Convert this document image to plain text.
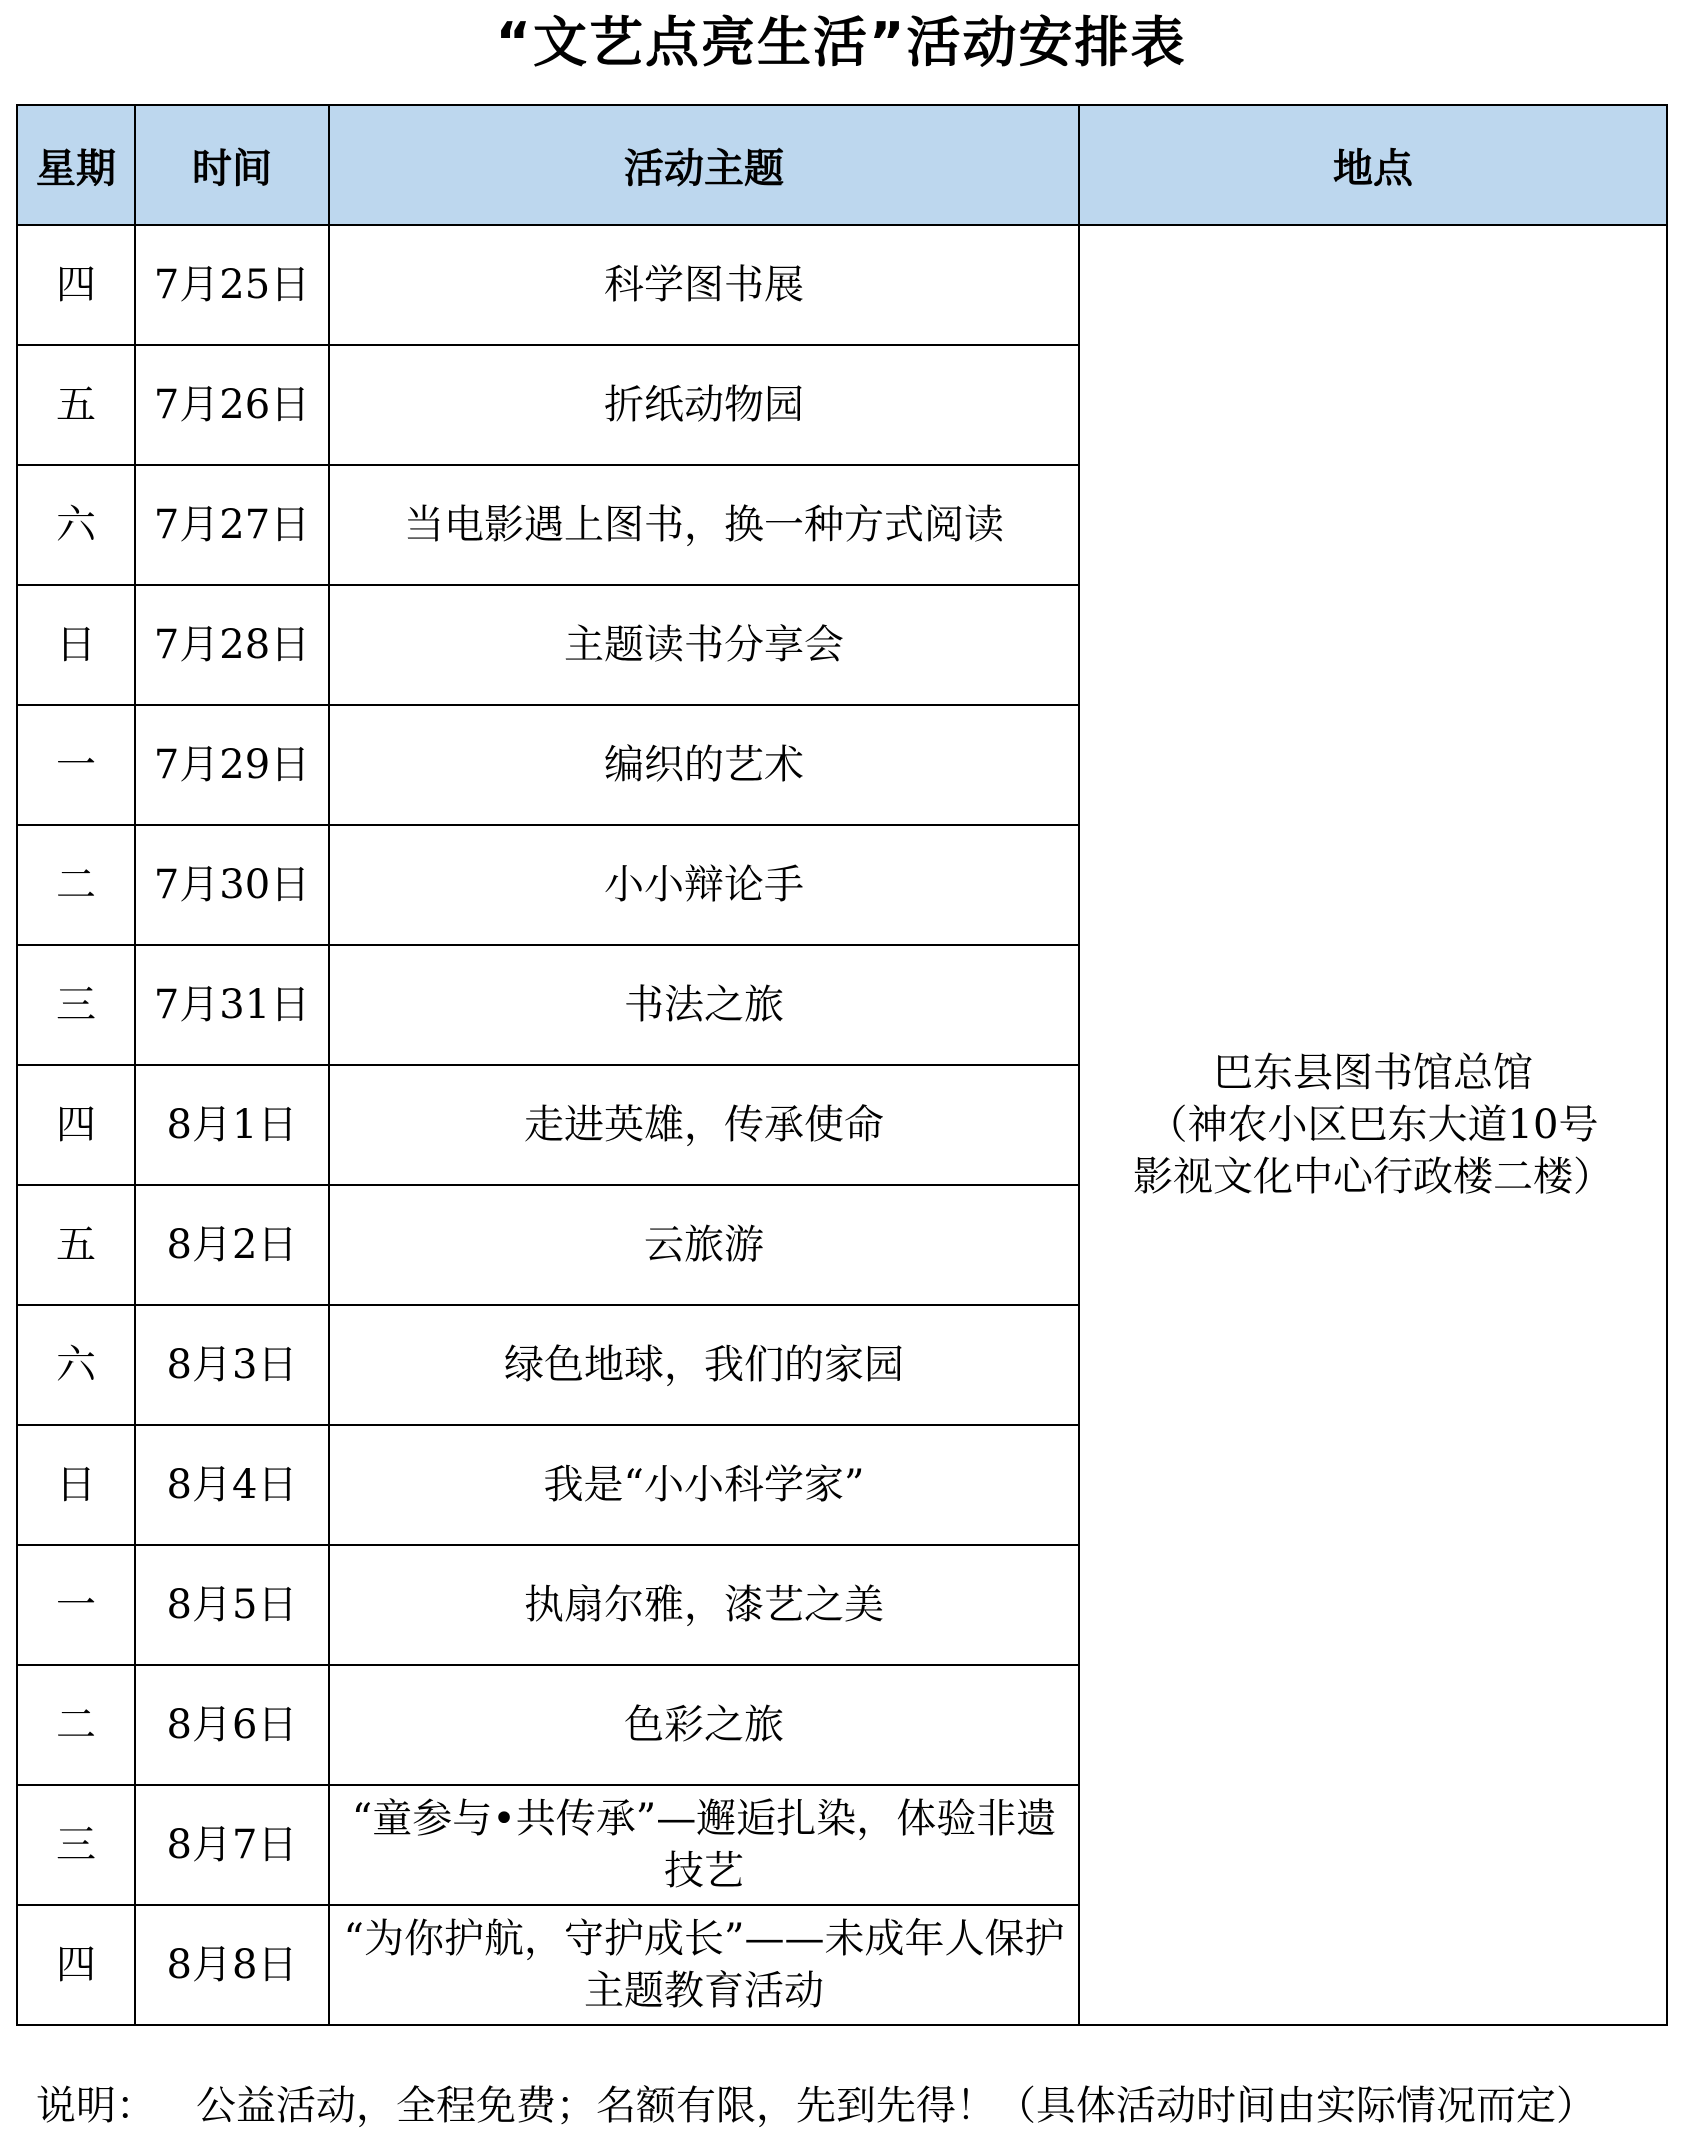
“文艺点亮生活”活动安排表
星期	时间	活动主题	地点
四	7月25日	科学图书展	巴东县图书馆总馆
（神农小区巴东大道10号
影视文化中心行政楼二楼）

五	7月26日	折纸动物园	
六	7月27日	当电影遇上图书，换一种方式阅读	
日	7月28日	主题读书分享会	
一	7月29日	编织的艺术	
二	7月30日	小小辩论手	
三	7月31日	书法之旅	
四	8月1日	走进英雄，传承使命	
五	8月2日	云旅游	
六	8月3日	绿色地球，我们的家园	
日	8月4日	我是“小小科学家”	
一	8月5日	执扇尔雅，漆艺之美	
二	8月6日	色彩之旅	
三	8月7日	“童参与•共传承”—邂逅扎染，体验非遗技艺	
四	8月8日	“为你护航，守护成长”——未成年人保护主题教育活动	
说明： 公益活动，全程免费；名额有限，先到先得！（具体活动时间由实际情况而定）
